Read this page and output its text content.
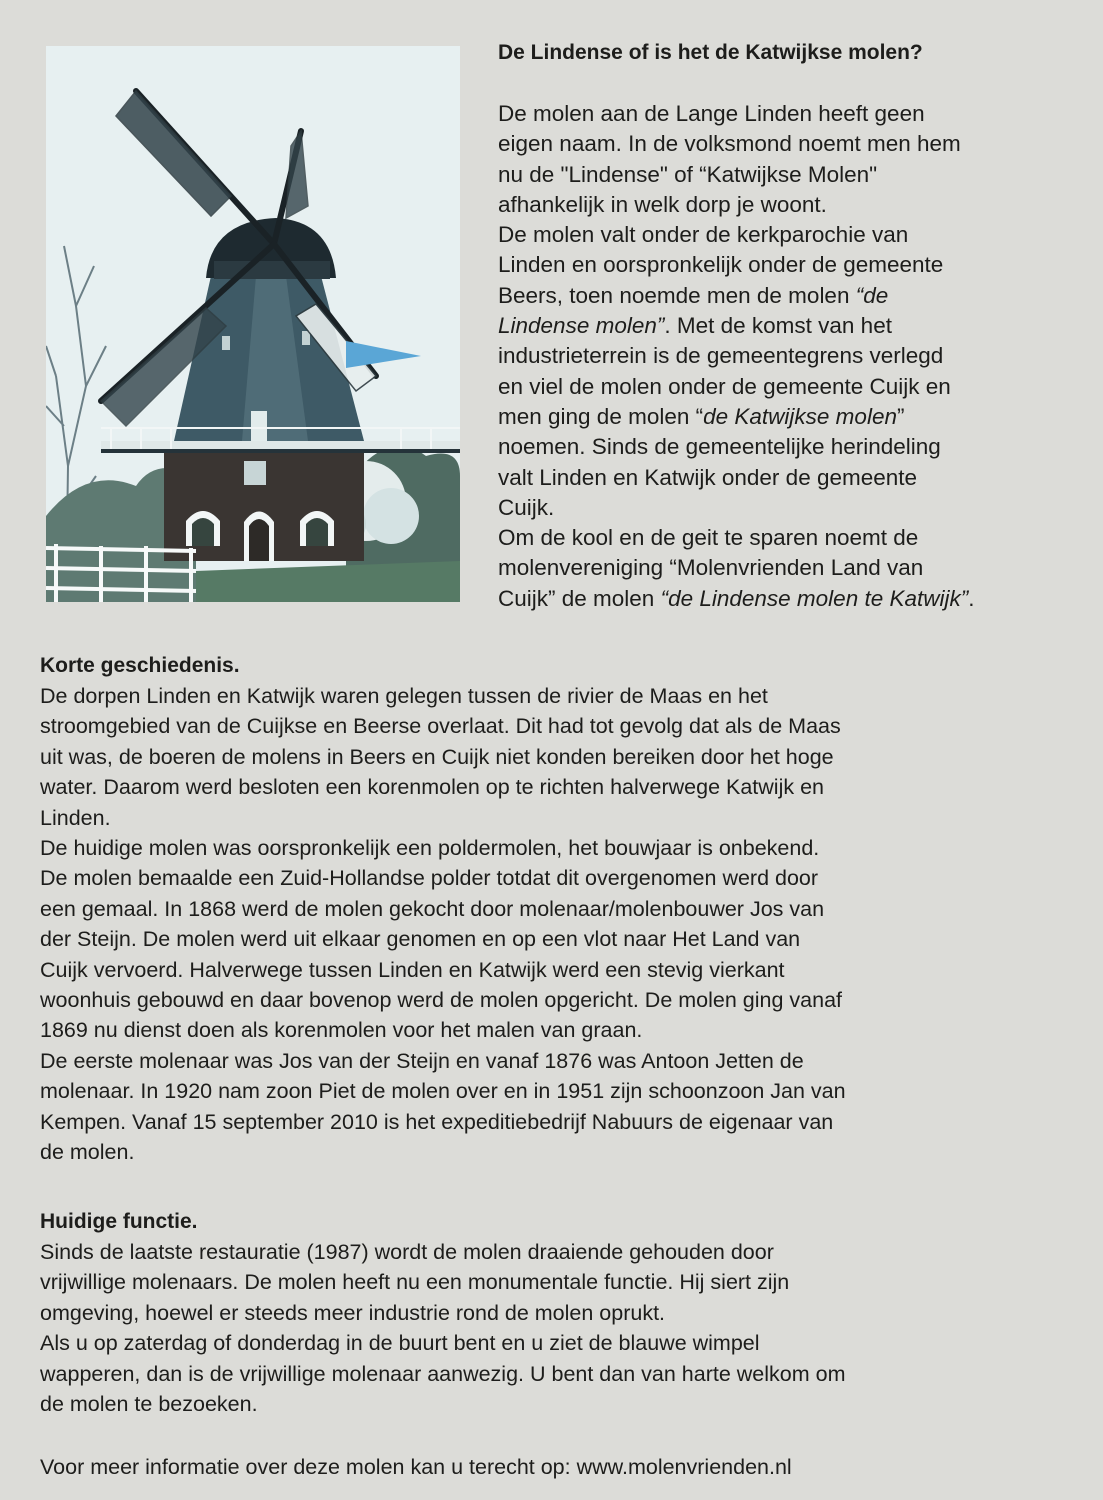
De Lindense of is het de Katwijkse molen?
De molen aan de Lange Linden heeft geen
eigen naam. In de volksmond noemt men hem
nu de "Lindense" of “Katwijkse Molen"
afhankelijk in welk dorp je woont.
De molen valt onder de kerkparochie van
Linden en oorspronkelijk onder de gemeente
Beers, toen noemde men de molen “de
Lindense molen”. Met de komst van het
industrieterrein is de gemeentegrens verlegd
en viel de molen onder de gemeente Cuijk en
men ging de molen “de Katwijkse molen”
noemen. Sinds de gemeentelijke herindeling
valt Linden en Katwijk onder de gemeente
Cuijk.
Om de kool en de geit te sparen noemt de
molenvereniging “Molenvrienden Land van
Cuijk” de molen “de Lindense molen te Katwijk”.
Korte geschiedenis.
De dorpen Linden en Katwijk waren gelegen tussen de rivier de Maas en het
stroomgebied van de Cuijkse en Beerse overlaat. Dit had tot gevolg dat als de Maas
uit was, de boeren de molens in Beers en Cuijk niet konden bereiken door het hoge
water. Daarom werd besloten een korenmolen op te richten halverwege Katwijk en
Linden.
De huidige molen was oorspronkelijk een poldermolen, het bouwjaar is onbekend.
De molen bemaalde een Zuid-Hollandse polder totdat dit overgenomen werd door
een gemaal. In 1868 werd de molen gekocht door molenaar/molenbouwer Jos van
der Steijn. De molen werd uit elkaar genomen en op een vlot naar Het Land van
Cuijk vervoerd. Halverwege tussen Linden en Katwijk werd een stevig vierkant
woonhuis gebouwd en daar bovenop werd de molen opgericht. De molen ging vanaf
1869 nu dienst doen als korenmolen voor het malen van graan.
De eerste molenaar was Jos van der Steijn en vanaf 1876 was Antoon Jetten de
molenaar. In 1920 nam zoon Piet de molen over en in 1951 zijn schoonzoon Jan van
Kempen. Vanaf 15 september 2010 is het expeditiebedrijf Nabuurs de eigenaar van
de molen.
Huidige functie.
Sinds de laatste restauratie (1987) wordt de molen draaiende gehouden door
vrijwillige molenaars. De molen heeft nu een monumentale functie. Hij siert zijn
omgeving, hoewel er steeds meer industrie rond de molen oprukt.
Als u op zaterdag of donderdag in de buurt bent en u ziet de blauwe wimpel
wapperen, dan is de vrijwillige molenaar aanwezig. U bent dan van harte welkom om
de molen te bezoeken.
Voor meer informatie over deze molen kan u terecht op: www.molenvrienden.nl
